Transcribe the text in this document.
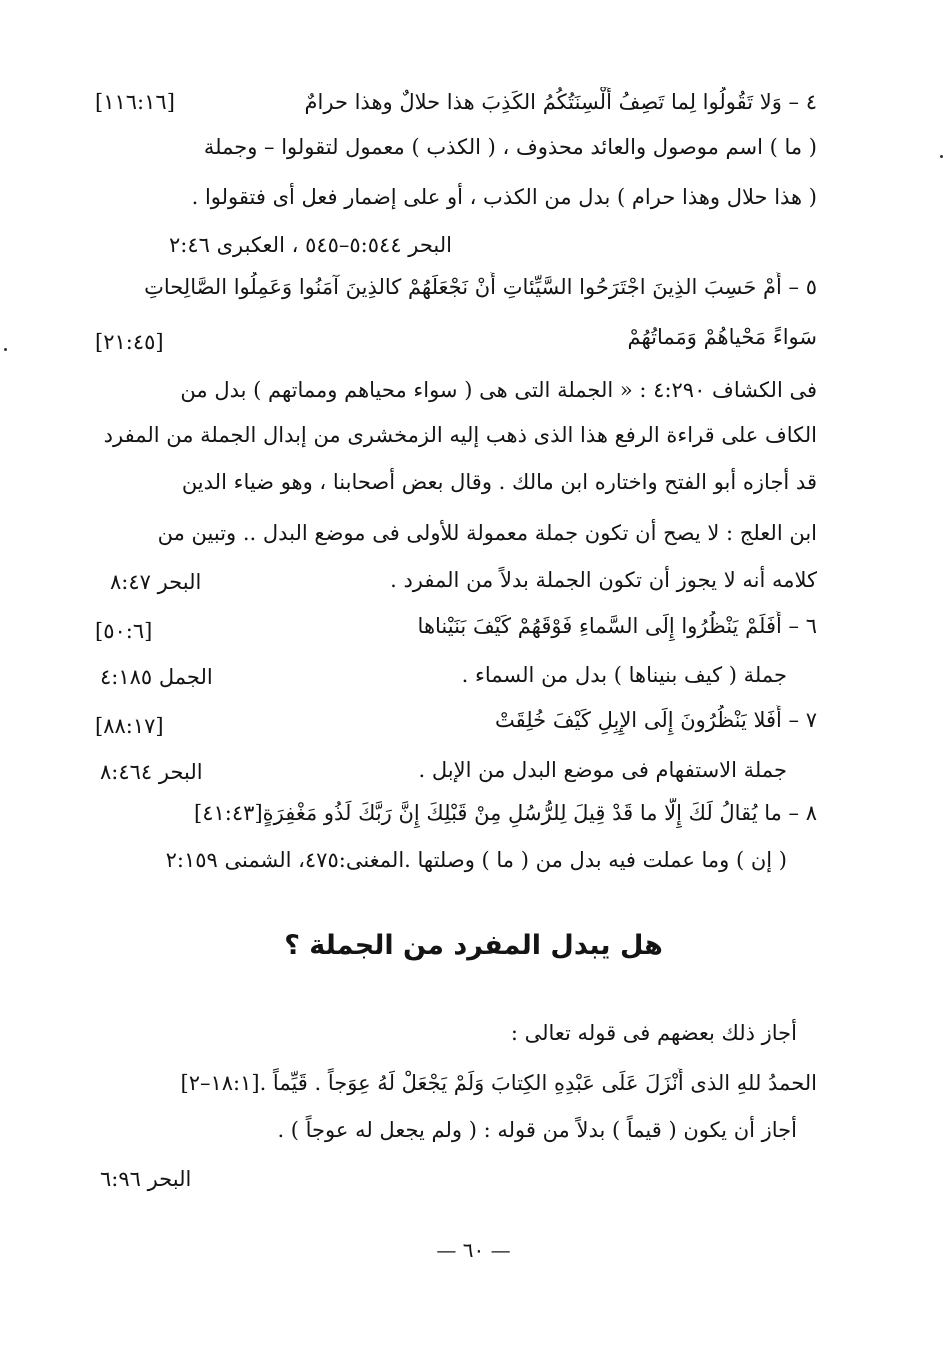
٤ – وَلا تَقُولُوا لِما تَصِفُ أَلْسِنَتُكُمُ الكَذِبَ هذا حلالٌ وهذا حرامٌ
[١١٦:١٦]
( ما ) اسم موصول والعائد محذوف ، ( الكذب ) معمول لتقولوا – وجملة
( هذا حلال وهذا حرام ) بدل من الكذب ، أو على إضمار فعل أى فتقولوا .
البحر ٥:٥٤٤–٥٤٥ ، العكبرى ٢:٤٦
٥ – أَمْ حَسِبَ الذِينَ اجْتَرَحُوا السَّيِّئاتِ أَنْ نَجْعَلَهُمْ كالذِينَ آمَنُوا وَعَمِلُوا الصَّالِحاتِ
سَواءً مَحْياهُمْ وَمَماتُهُمْ
[٢١:٤٥]
فى الكشاف ٤:٢٩٠ : « الجملة التى هى ( سواء محياهم ومماتهم ) بدل من
الكاف على قراءة الرفع هذا الذى ذهب إليه الزمخشرى من إبدال الجملة من المفرد
قد أجازه أبو الفتح واختاره ابن مالك . وقال بعض أصحابنا ، وهو ضياء الدين
ابن العلج : لا يصح أن تكون جملة معمولة للأولى فى موضع البدل .. وتبين من
كلامه أنه لا يجوز أن تكون الجملة بدلاً من المفرد .
البحر ٨:٤٧
٦ – أَفَلَمْ يَنْظُرُوا إِلَى السَّماءِ فَوْقَهُمْ كَيْفَ بَنَيْناها
[٥٠:٦]
جملة ( كيف بنيناها ) بدل من السماء .
الجمل ٤:١٨٥
٧ – أَفَلا يَنْظُرُونَ إِلَى الإِبِلِ كَيْفَ خُلِقَتْ
[٨٨:١٧]
جملة الاستفهام فى موضع البدل من الإبل .
البحر ٨:٤٦٤
٨ – ما يُقالُ لَكَ إِلَّا ما قَدْ قِيلَ لِلرُّسُلِ مِنْ قَبْلِكَ إِنَّ رَبَّكَ لَذُو مَغْفِرَةٍ[٤١:٤٣]
( إن ) وما عملت فيه بدل من ( ما ) وصلتها .المغنى:٤٧٥، الشمنى ٢:١٥٩
هل يبدل المفرد من الجملة ؟
أجاز ذلك بعضهم فى قوله تعالى :
الحمدُ للهِ الذى أَنْزَلَ عَلَى عَبْدِهِ الكِتابَ وَلَمْ يَجْعَلْ لَهُ عِوَجاً . قَيِّماً .[١٨:١–٢]
أجاز أن يكون ( قيماً ) بدلاً من قوله : ( ولم يجعل له عوجاً ) .
البحر ٦:٩٦
— ٦٠ —
